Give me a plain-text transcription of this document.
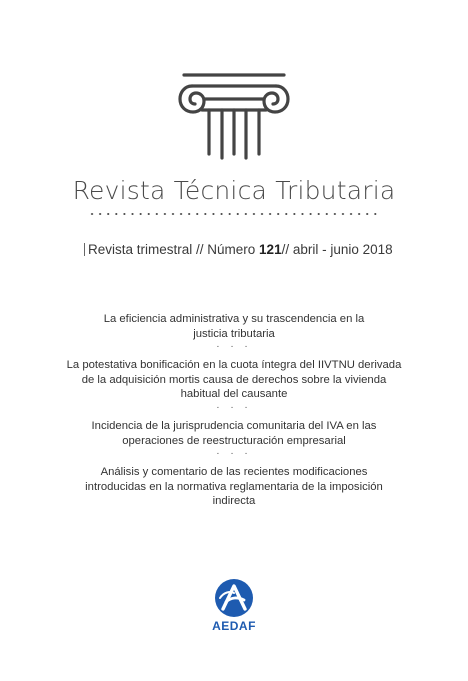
Revista Técnica Tributaria
Revista trimestral // Número 121// abril - junio 2018

La eficiencia administrativa y su trascendencia en la justicia tributaria

· · ·

La potestativa bonificación en la cuota íntegra del IIVTNU derivada de la adquisición mortis causa de derechos sobre la vivienda habitual del causante

· · ·

Incidencia de la jurisprudencia comunitaria del IVA en las operaciones de reestructuración empresarial

· · ·

Análisis y comentario de las recientes modificaciones introducidas en la normativa reglamentaria de la imposición indirecta

AEDAF
